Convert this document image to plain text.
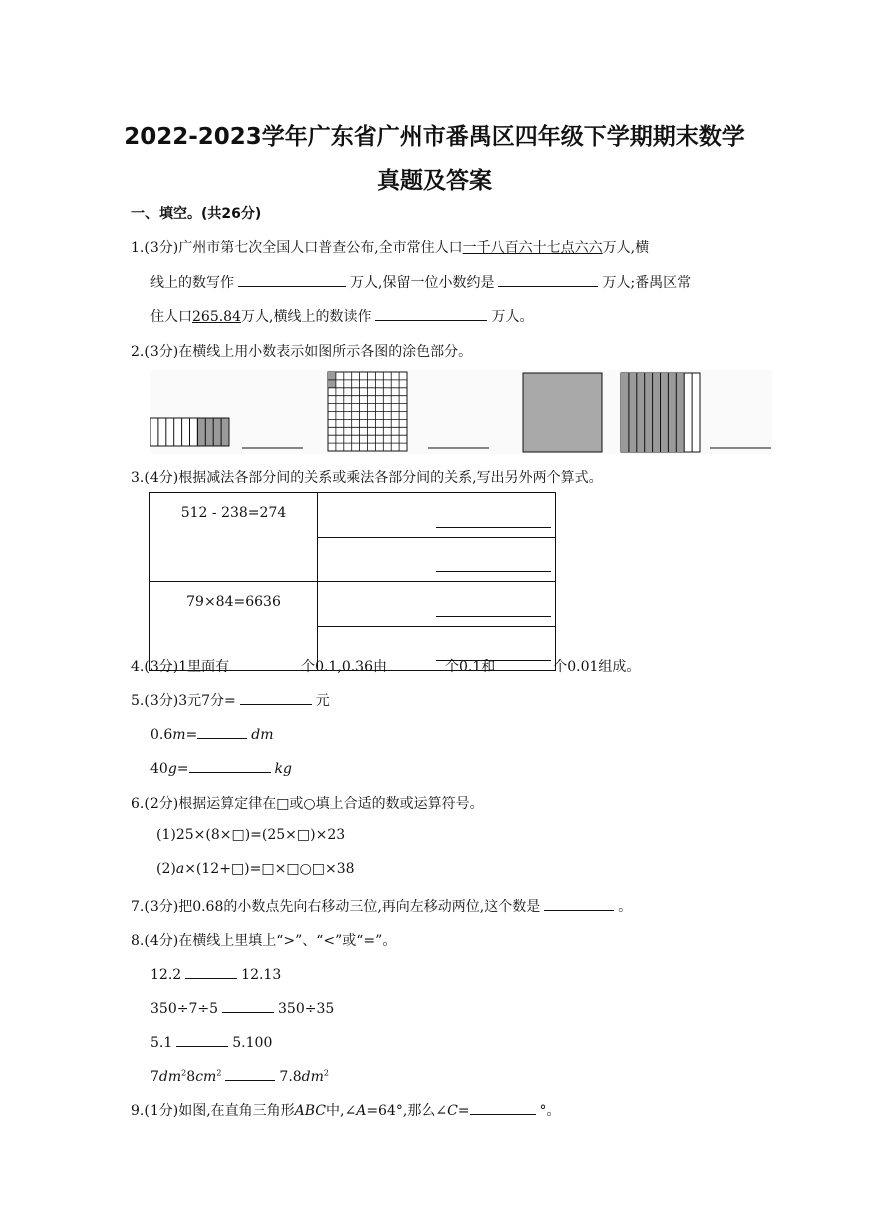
2022-2023学年广东省广州市番禺区四年级下学期期末数学
真题及答案
一、填空。(共26分)
1.(3分)广州市第七次全国人口普查公布,全市常住人口一千八百六十七点六六万人,横
线上的数写作	万人,保留一位小数约是	万人;番禺区常
住人口265.84万人,横线上的数读作	万人。
2.(3分)在横线上用小数表示如图所示各图的涂色部分。
3.(4分)根据减法各部分间的关系或乘法各部分间的关系,写出另外两个算式。
512 - 238=274	

79×84=6636	

4.(3分)1里面有	个0.1,0.36由	个0.1和	个0.01组成。
5.(3分)3元7分=	元
0.6m=	dm
40g=	kg
6.(2分)根据运算定律在□或○填上合适的数或运算符号。
(1)25×(8×□)=(25×□)×23
(2)a×(12+□)=□×□○□×38
7.(3分)把0.68的小数点先向右移动三位,再向左移动两位,这个数是	。
8.(4分)在横线上里填上“>”、“<”或“=”。
12.2	12.13
350÷7÷5	350÷35
5.1	5.100
$7dm^28cm^2$	$7.8dm^2$
9.(1分)如图,在直角三角形ABC中,∠A=64°,那么∠C=	°。
